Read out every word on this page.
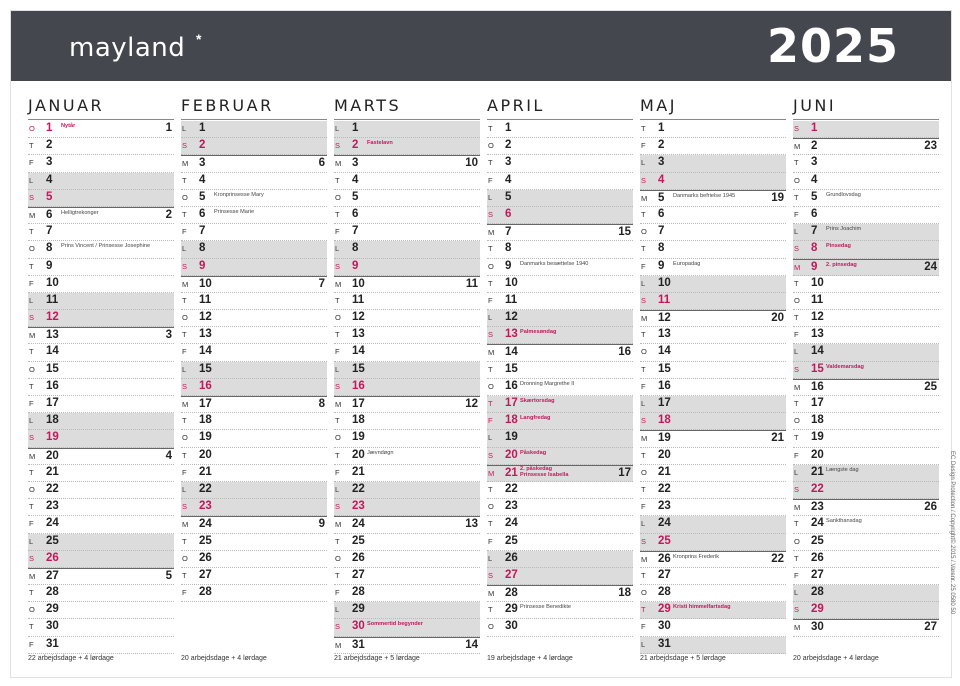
mayland *	2025
JANUAR
O 1 Nytår	1
T 2
F 3
L 4
S 5
M 6 Helligtrekonger	2
T 7
O 8 Prins Vincent / Prinsesse Josephine
T 9
F 10
L 11
S 12
M 13	3
T 14
O 15
T 16
F 17
L 18
S 19
M 20	4
T 21
O 22
T 23
F 24
L 25
S 26
M 27	5
T 28
O 29
T 30
F 31
22 arbejdsdage + 4 lørdage
FEBRUAR
L 1
S 2
M 3	6
T 4
O 5 Kronprinsesse Mary
T 6 Prinsesse Marie
F 7
L 8
S 9
M 10	7
T 11
O 12
T 13
F 14
L 15
S 16
M 17	8
T 18
O 19
T 20
F 21
L 22
S 23
M 24	9
T 25
O 26
T 27
F 28
20 arbejdsdage + 4 lørdage
MARTS
L 1
S 2 Fastelavn
M 3	10
T 4
O 5
T 6
F 7
L 8
S 9
M 10	11
T 11
O 12
T 13
F 14
L 15
S 16
M 17	12
T 18
O 19
T 20 Jævndøgn
F 21
L 22
S 23
M 24	13
T 25
O 26
T 27
F 28
L 29
S 30 Sommertid begynder
M 31	14
21 arbejdsdage + 5 lørdage
APRIL
T 1
O 2
T 3
F 4
L 5
S 6
M 7	15
T 8
O 9 Danmarks besættelse 1940
T 10
F 11
L 12
S 13 Palmesøndag
M 14	16
T 15
O 16 Dronning Margrethe II
T 17 Skærtorsdag
F 18 Langfredag
L 19
S 20 Påskedag
M 21 2. påskedag
Prinsesse Isabella	17
T 22
O 23
T 24
F 25
L 26
S 27
M 28	18
T 29 Prinsesse Benedikte
O 30
19 arbejdsdage + 4 lørdage
MAJ
T 1
F 2
L 3
S 4
M 5 Danmarks befrielse 1945	19
T 6
O 7
T 8
F 9 Europadag
L 10
S 11
M 12	20
T 13
O 14
T 15
F 16
L 17
S 18
M 19	21
T 20
O 21
T 22
F 23
L 24
S 25
M 26 Kronprins Frederik	22
T 27
O 28
T 29 Kristi himmelfartsdag
F 30
L 31
21 arbejdsdage + 5 lørdage
JUNI
S 1
M 2	23
T 3
O 4
T 5 Grundlovsdag
F 6
L 7 Prins Joachim
S 8 Pinsedag
M 9 2. pinsedag	24
T 10
O 11
T 12
F 13
L 14
S 15 Valdemarsdag
M 16	25
T 17
O 18
T 19
F 20
L 21 Længste dag
S 22
M 23	26
T 24 Sankthansdag
O 25
T 26
F 27
L 28
S 29
M 30	27
20 arbejdsdage + 4 lørdage
EC Design Protection / Copyright© 2015 / Varenr. 25 0580 50
